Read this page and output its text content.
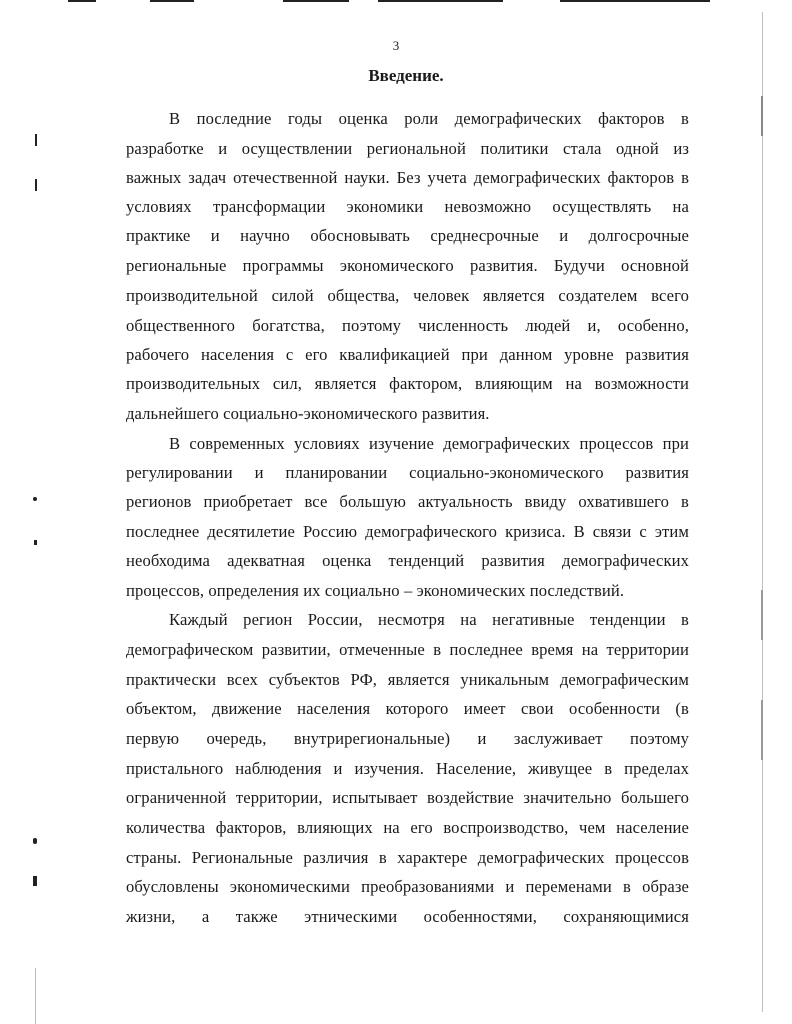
3
Введение.
В последние годы оценка роли демографических факторов в
разработке и осуществлении региональной политики стала одной из
важных задач отечественной науки. Без учета демографических факторов в
условиях трансформации экономики невозможно осуществлять на
практике и научно обосновывать среднесрочные и долгосрочные
региональные программы экономического развития. Будучи основной
производительной силой общества, человек является создателем всего
общественного богатства, поэтому численность людей и, особенно,
рабочего населения с его квалификацией при данном уровне развития
производительных сил, является фактором, влияющим на возможности
дальнейшего социально-экономического развития.
В современных условиях изучение демографических процессов при
регулировании и планировании социально-экономического развития
регионов приобретает все большую актуальность ввиду охватившего в
последнее десятилетие Россию демографического кризиса. В связи с этим
необходима адекватная оценка тенденций развития демографических
процессов, определения их социально – экономических последствий.
Каждый регион России, несмотря на негативные тенденции в
демографическом развитии, отмеченные в последнее время на территории
практически всех субъектов РФ, является уникальным демографическим
объектом, движение населения которого имеет свои особенности (в
первую очередь, внутрирегиональные) и заслуживает поэтому
пристального наблюдения и изучения. Население, живущее в пределах
ограниченной территории, испытывает воздействие значительно большего
количества факторов, влияющих на его воспроизводство, чем население
страны. Региональные различия в характере демографических процессов
обусловлены экономическими преобразованиями и переменами в образе
жизни, а также этническими особенностями, сохраняющимися
